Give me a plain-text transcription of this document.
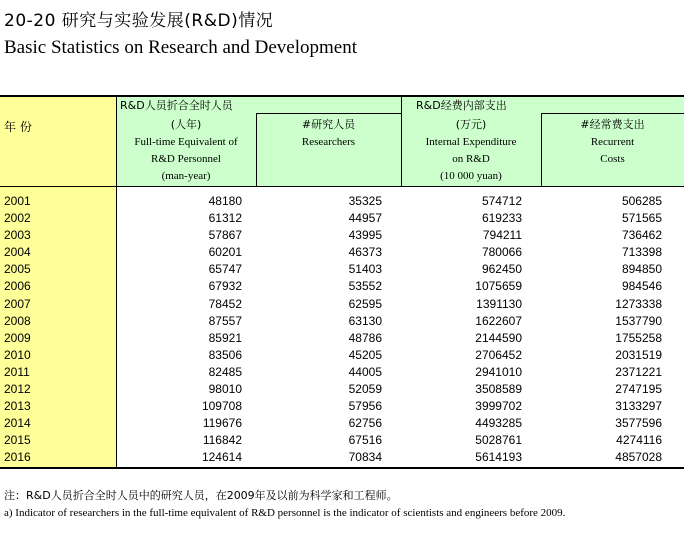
20-20 研究与实验发展(R&D)情况
Basic Statistics on Research and Development
年 份
R&D人员折合全时人员
(人年)
Full-time Equivalent of
R&D Personnel
(man-year)
#研究人员
Researchers
R&D经费内部支出
(万元)
Internal Expenditure
on R&D
(10 000 yuan)
#经常费支出
Recurrent
Costs
2001	48180	35325	574712	506285
2002	61312	44957	619233	571565
2003	57867	43995	794211	736462
2004	60201	46373	780066	713398
2005	65747	51403	962450	894850
2006	67932	53552	1075659	984546
2007	78452	62595	1391130	1273338
2008	87557	63130	1622607	1537790
2009	85921	48786	2144590	1755258
2010	83506	45205	2706452	2031519
2011	82485	44005	2941010	2371221
2012	98010	52059	3508589	2747195
2013	109708	57956	3999702	3133297
2014	119676	62756	4493285	3577596
2015	116842	67516	5028761	4274116
2016	124614	70834	5614193	4857028
注：R&D人员折合全时人员中的研究人员，在2009年及以前为科学家和工程师。
a) Indicator of researchers in the full-time equivalent of R&D personnel is the indicator of scientists and engineers before 2009.
